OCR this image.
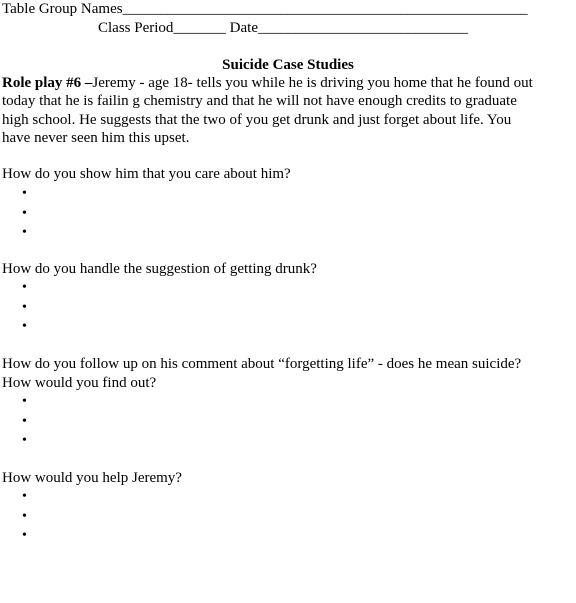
Table Group Names______________________________________________________
Class Period_______ Date____________________________
Suicide Case Studies
Role play #6 –Jeremy - age 18- tells you while he is driving you home that he found out today that he is failin g chemistry and that he will not have enough credits to graduate high school. He suggests that the two of you get drunk and just forget about life. You have never seen him this upset.
How do you show him that you care about him?
•
•
•
How do you handle the suggestion of getting drunk?
•
•
•
How do you follow up on his comment about “forgetting life” - does he mean suicide?
How would you find out?
•
•
•
How would you help Jeremy?
•
•
•
